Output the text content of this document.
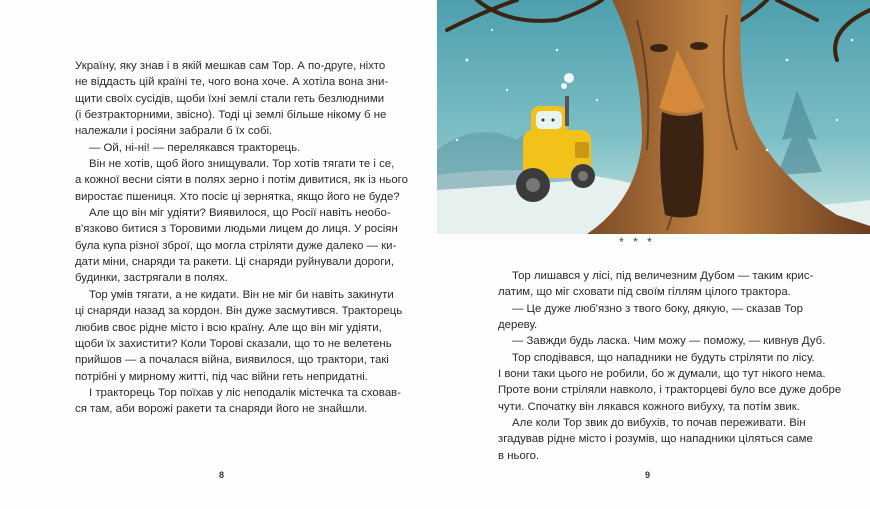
Україну, яку знав і в якій мешкав сам Тор. А по-друге, ніхто

не віддасть цій країні те, чого вона хоче. А хотіла вона зни-

щити своїх сусідів, щоби їхні землі стали геть безлюдними

(і безтракторними, звісно). Тоді ці землі більше нікому б не

належали і росіяни забрали б їх собі.

— Ой, ні-ні! — перелякався тракторець.

Він не хотів, щоб його знищували. Тор хотів тягати те і се,

а кожної весни сіяти в полях зерно і потім дивитися, як із нього

виростає пшениця. Хто посіє ці зернятка, якщо його не буде?

Але що він міг удіяти? Виявилося, що Росії навіть необо-

в'язково битися з Торовими людьми лицем до лиця. У росіян

була купа різної зброї, що могла стріляти дуже далеко — ки-

дати міни, снаряди та ракети. Ці снаряди руйнували дороги,

будинки, застрягали в полях.

Тор умів тягати, а не кидати. Він не міг би навіть закинути

ці снаряди назад за кордон. Він дуже засмутився. Тракторець

любив своє рідне місто і всю країну. Але що він міг удіяти,

щоби їх захистити? Коли Торові сказали, що то не велетень

прийшов — а почалася війна, виявилося, що трактори, такі

потрібні у мирному житті, під час війни геть непридатні.

І тракторець Тор поїхав у ліс неподалік містечка та сховав-

ся там, аби ворожі ракети та снаряди його не знайшли.

8
* * *

Тор лишався у лісі, під величезним Дубом — таким крис-

латим, що міг сховати під своїм гіллям цілого трактора.

— Це дуже люб'язно з твого боку, дякую, — сказав Тор

дереву.

— Завжди будь ласка. Чим можу — поможу, — кивнув Дуб.

Тор сподівався, що нападники не будуть стріляти по лісу.

І вони таки цього не робили, бо ж думали, що тут нікого нема.

Проте вони стріляли навколо, і тракторцеві було все дуже добре

чути. Спочатку він лякався кожного вибуху, та потім звик.

Але коли Тор звик до вибухів, то почав переживати. Він

згадував рідне місто і розумів, що нападники цiляться саме

в нього.

9
